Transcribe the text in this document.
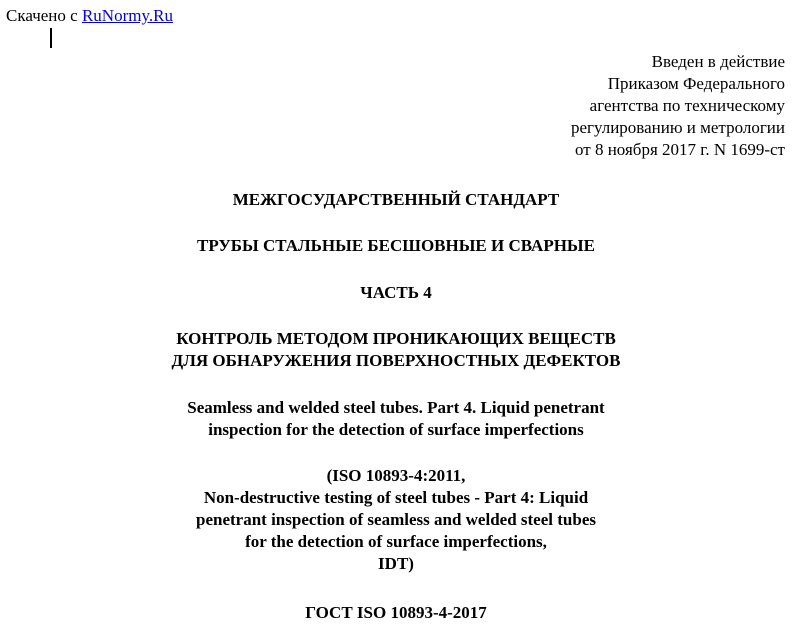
Скачено с RuNormy.Ru
Введен в действие
Приказом Федерального
агентства по техническому
регулированию и метрологии
от 8 ноября 2017 г. N 1699-ст
МЕЖГОСУДАРСТВЕННЫЙ СТАНДАРТ
ТРУБЫ СТАЛЬНЫЕ БЕСШОВНЫЕ И СВАРНЫЕ
ЧАСТЬ 4
КОНТРОЛЬ МЕТОДОМ ПРОНИКАЮЩИХ ВЕЩЕСТВ
ДЛЯ ОБНАРУЖЕНИЯ ПОВЕРХНОСТНЫХ ДЕФЕКТОВ
Seamless and welded steel tubes. Part 4. Liquid penetrant
inspection for the detection of surface imperfections
(ISO 10893-4:2011,
Non-destructive testing of steel tubes - Part 4: Liquid
penetrant inspection of seamless and welded steel tubes
for the detection of surface imperfections,
IDT)
ГОСТ ISO 10893-4-2017
